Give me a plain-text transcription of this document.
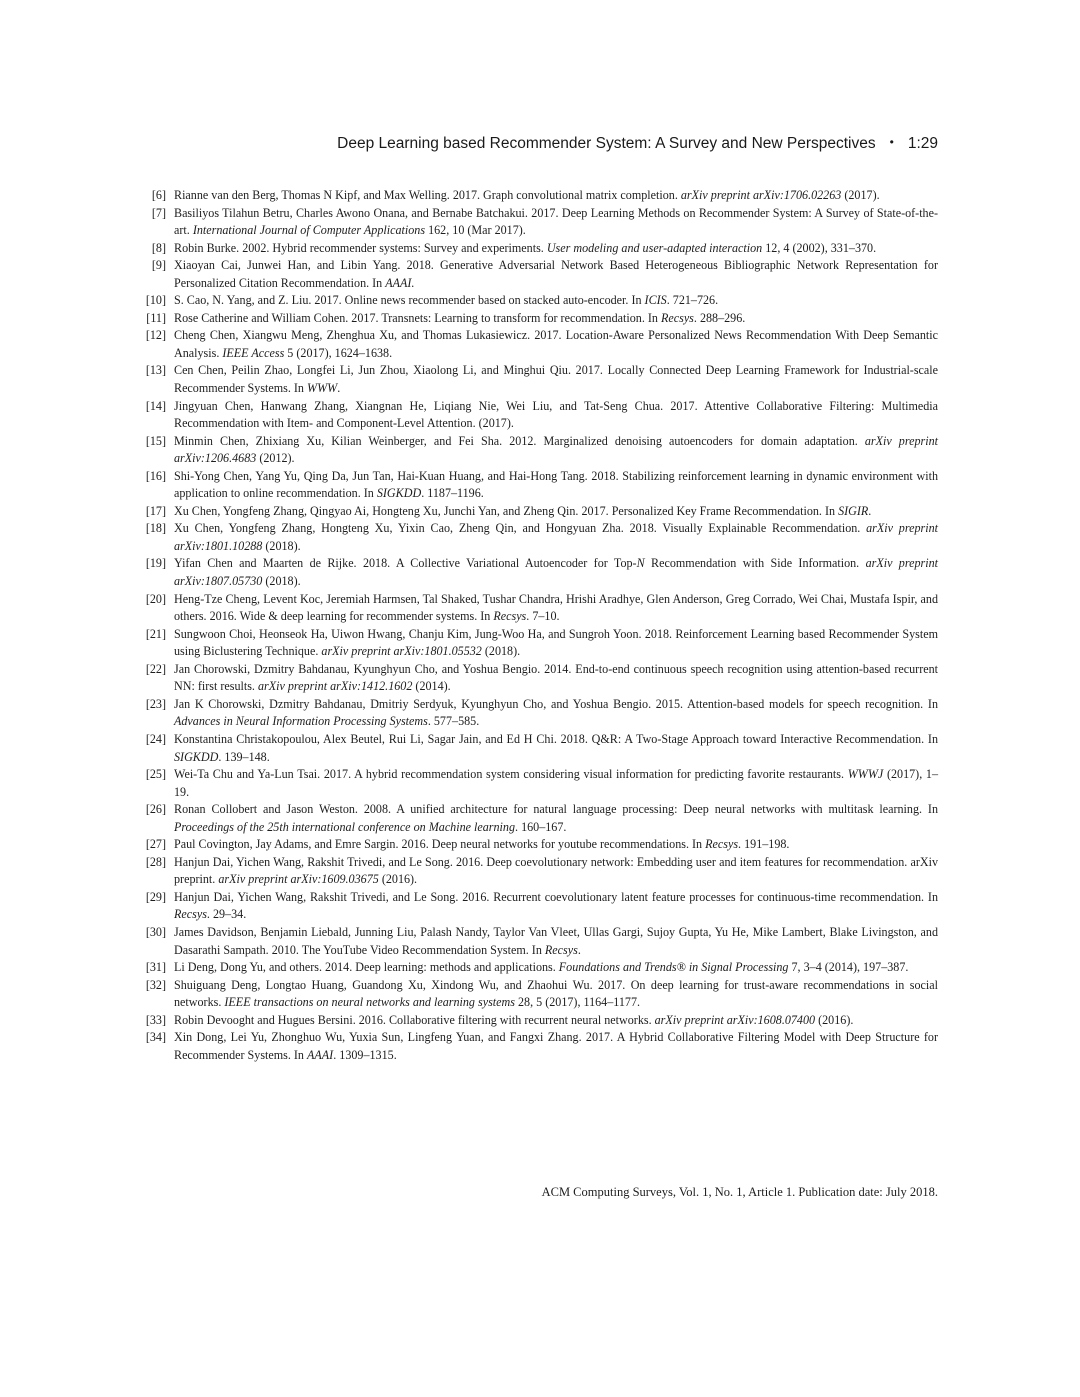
Deep Learning based Recommender System: A Survey and New Perspectives • 1:29
[6] Rianne van den Berg, Thomas N Kipf, and Max Welling. 2017. Graph convolutional matrix completion. arXiv preprint arXiv:1706.02263 (2017).
[7] Basiliyos Tilahun Betru, Charles Awono Onana, and Bernabe Batchakui. 2017. Deep Learning Methods on Recommender System: A Survey of State-of-the-art. International Journal of Computer Applications 162, 10 (Mar 2017).
[8] Robin Burke. 2002. Hybrid recommender systems: Survey and experiments. User modeling and user-adapted interaction 12, 4 (2002), 331–370.
[9] Xiaoyan Cai, Junwei Han, and Libin Yang. 2018. Generative Adversarial Network Based Heterogeneous Bibliographic Network Representation for Personalized Citation Recommendation. In AAAI.
[10] S. Cao, N. Yang, and Z. Liu. 2017. Online news recommender based on stacked auto-encoder. In ICIS. 721–726.
[11] Rose Catherine and William Cohen. 2017. Transnets: Learning to transform for recommendation. In Recsys. 288–296.
[12] Cheng Chen, Xiangwu Meng, Zhenghua Xu, and Thomas Lukasiewicz. 2017. Location-Aware Personalized News Recommendation With Deep Semantic Analysis. IEEE Access 5 (2017), 1624–1638.
[13] Cen Chen, Peilin Zhao, Longfei Li, Jun Zhou, Xiaolong Li, and Minghui Qiu. 2017. Locally Connected Deep Learning Framework for Industrial-scale Recommender Systems. In WWW.
[14] Jingyuan Chen, Hanwang Zhang, Xiangnan He, Liqiang Nie, Wei Liu, and Tat-Seng Chua. 2017. Attentive Collaborative Filtering: Multimedia Recommendation with Item- and Component-Level Attention. (2017).
[15] Minmin Chen, Zhixiang Xu, Kilian Weinberger, and Fei Sha. 2012. Marginalized denoising autoencoders for domain adaptation. arXiv preprint arXiv:1206.4683 (2012).
[16] Shi-Yong Chen, Yang Yu, Qing Da, Jun Tan, Hai-Kuan Huang, and Hai-Hong Tang. 2018. Stabilizing reinforcement learning in dynamic environment with application to online recommendation. In SIGKDD. 1187–1196.
[17] Xu Chen, Yongfeng Zhang, Qingyao Ai, Hongteng Xu, Junchi Yan, and Zheng Qin. 2017. Personalized Key Frame Recommendation. In SIGIR.
[18] Xu Chen, Yongfeng Zhang, Hongteng Xu, Yixin Cao, Zheng Qin, and Hongyuan Zha. 2018. Visually Explainable Recommendation. arXiv preprint arXiv:1801.10288 (2018).
[19] Yifan Chen and Maarten de Rijke. 2018. A Collective Variational Autoencoder for Top-N Recommendation with Side Information. arXiv preprint arXiv:1807.05730 (2018).
[20] Heng-Tze Cheng, Levent Koc, Jeremiah Harmsen, Tal Shaked, Tushar Chandra, Hrishi Aradhye, Glen Anderson, Greg Corrado, Wei Chai, Mustafa Ispir, and others. 2016. Wide & deep learning for recommender systems. In Recsys. 7–10.
[21] Sungwoon Choi, Heonseok Ha, Uiwon Hwang, Chanju Kim, Jung-Woo Ha, and Sungroh Yoon. 2018. Reinforcement Learning based Recommender System using Biclustering Technique. arXiv preprint arXiv:1801.05532 (2018).
[22] Jan Chorowski, Dzmitry Bahdanau, Kyunghyun Cho, and Yoshua Bengio. 2014. End-to-end continuous speech recognition using attention-based recurrent NN: first results. arXiv preprint arXiv:1412.1602 (2014).
[23] Jan K Chorowski, Dzmitry Bahdanau, Dmitriy Serdyuk, Kyunghyun Cho, and Yoshua Bengio. 2015. Attention-based models for speech recognition. In Advances in Neural Information Processing Systems. 577–585.
[24] Konstantina Christakopoulou, Alex Beutel, Rui Li, Sagar Jain, and Ed H Chi. 2018. Q&R: A Two-Stage Approach toward Interactive Recommendation. In SIGKDD. 139–148.
[25] Wei-Ta Chu and Ya-Lun Tsai. 2017. A hybrid recommendation system considering visual information for predicting favorite restaurants. WWWJ (2017), 1–19.
[26] Ronan Collobert and Jason Weston. 2008. A unified architecture for natural language processing: Deep neural networks with multitask learning. In Proceedings of the 25th international conference on Machine learning. 160–167.
[27] Paul Covington, Jay Adams, and Emre Sargin. 2016. Deep neural networks for youtube recommendations. In Recsys. 191–198.
[28] Hanjun Dai, Yichen Wang, Rakshit Trivedi, and Le Song. 2016. Deep coevolutionary network: Embedding user and item features for recommendation. arXiv preprint. arXiv preprint arXiv:1609.03675 (2016).
[29] Hanjun Dai, Yichen Wang, Rakshit Trivedi, and Le Song. 2016. Recurrent coevolutionary latent feature processes for continuous-time recommendation. In Recsys. 29–34.
[30] James Davidson, Benjamin Liebald, Junning Liu, Palash Nandy, Taylor Van Vleet, Ullas Gargi, Sujoy Gupta, Yu He, Mike Lambert, Blake Livingston, and Dasarathi Sampath. 2010. The YouTube Video Recommendation System. In Recsys.
[31] Li Deng, Dong Yu, and others. 2014. Deep learning: methods and applications. Foundations and Trends® in Signal Processing 7, 3–4 (2014), 197–387.
[32] Shuiguang Deng, Longtao Huang, Guandong Xu, Xindong Wu, and Zhaohui Wu. 2017. On deep learning for trust-aware recommendations in social networks. IEEE transactions on neural networks and learning systems 28, 5 (2017), 1164–1177.
[33] Robin Devooght and Hugues Bersini. 2016. Collaborative filtering with recurrent neural networks. arXiv preprint arXiv:1608.07400 (2016).
[34] Xin Dong, Lei Yu, Zhonghuo Wu, Yuxia Sun, Lingfeng Yuan, and Fangxi Zhang. 2017. A Hybrid Collaborative Filtering Model with Deep Structure for Recommender Systems. In AAAI. 1309–1315.
ACM Computing Surveys, Vol. 1, No. 1, Article 1. Publication date: July 2018.
